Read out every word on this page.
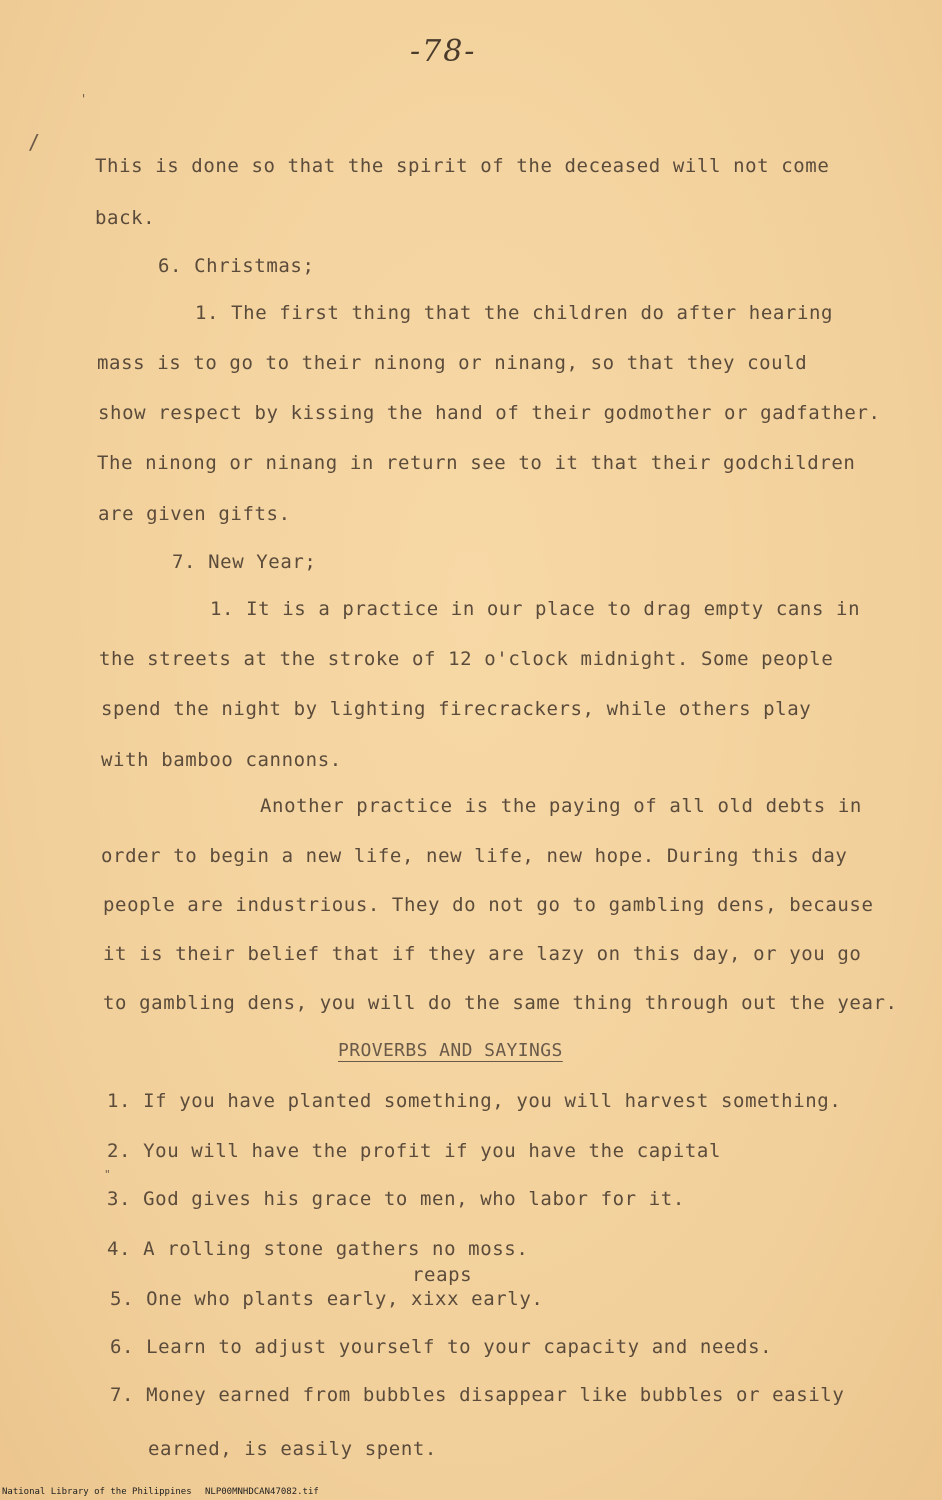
-78-
'
/
This is done so that the spirit of the deceased will not come
back.
6. Christmas;
1. The first thing that the children do after hearing
mass is to go to their ninong or ninang, so that they could
show respect by kissing the hand of their godmother or gadfather.
The ninong or ninang in return see to it that their godchildren
are given gifts.
7. New Year;
1. It is a practice in our place to drag empty cans in
the streets at the stroke of 12 o'clock midnight. Some people
spend the night by lighting firecrackers, while others play
with bamboo cannons.
Another practice is the paying of all old debts in
order to begin a new life, new life, new hope. During this day
people are industrious. They do not go to gambling dens, because
it is their belief that if they are lazy on this day, or you go
to gambling dens, you will do the same thing through out the year.
PROVERBS AND SAYINGS
1. If you have planted something, you will harvest something.
2. You will have the profit if you have the capital
"
3. God gives his grace to men, who labor for it.
4. A rolling stone gathers no moss.
reaps
5. One who plants early, xixx early.
6. Learn to adjust yourself to your capacity and needs.
7. Money earned from bubbles disappear like bubbles or easily
earned, is easily spent.
National Library of the Philippines NLP00MNHDCAN47082.tif
